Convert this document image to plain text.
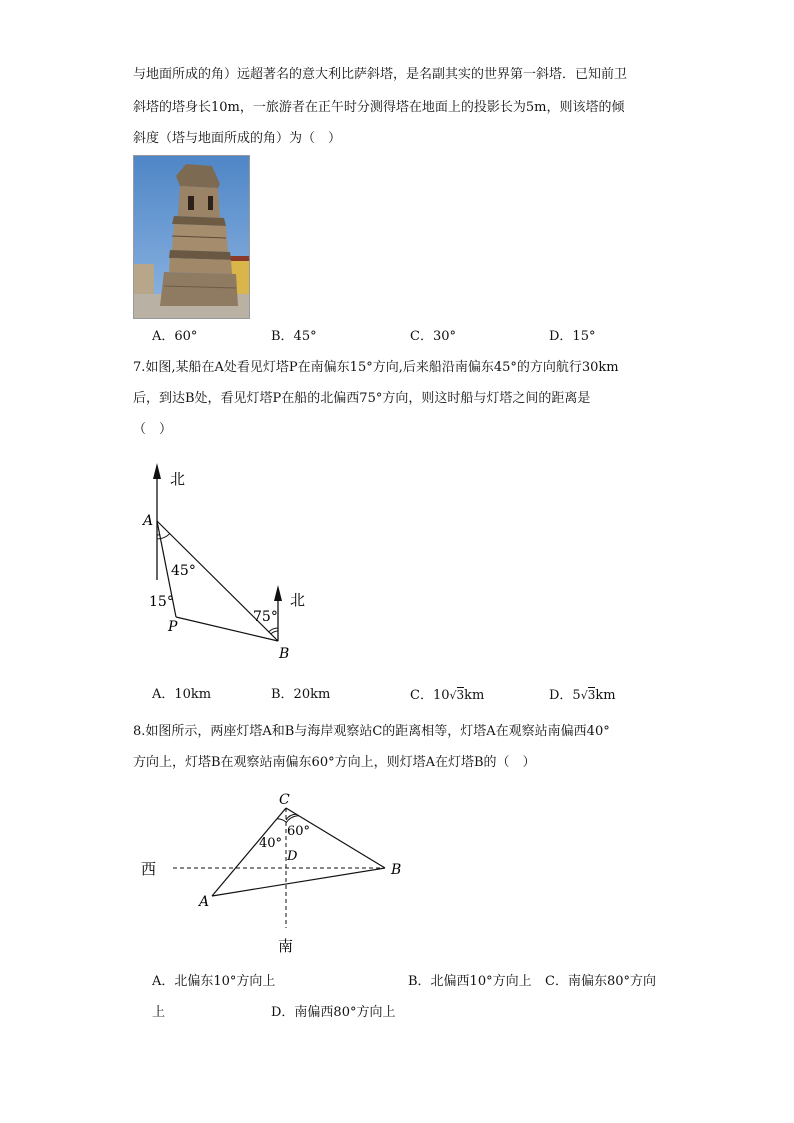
与地面所成的角）远超著名的意大利比萨斜塔，是名副其实的世界第一斜塔．已知前卫
斜塔的塔身长10m，一旅游者在正午时分测得塔在地面上的投影长为5m，则该塔的倾
斜度（塔与地面所成的角）为（　）
A．60°	B．45°	C．30°	D．15°
7.如图,某船在A处看见灯塔P在南偏东15°方向,后来船沿南偏东45°的方向航行30km
后，到达B处，看见灯塔P在船的北偏西75°方向，则这时船与灯塔之间的距离是
（　）
北
北
A
B
P
45°
15°
75°
A．10km	B．20km	C．10√3km	D．5√3km
8.如图所示，两座灯塔A和B与海岸观察站C的距离相等，灯塔A在观察站南偏西40°
方向上，灯塔B在观察站南偏东60°方向上，则灯塔A在灯塔B的（　）
C
D
A
B
西
南
60°
40°
A．北偏东10°方向上	B．北偏西10°方向上 C．南偏东80°方向
上	D．南偏西80°方向上
